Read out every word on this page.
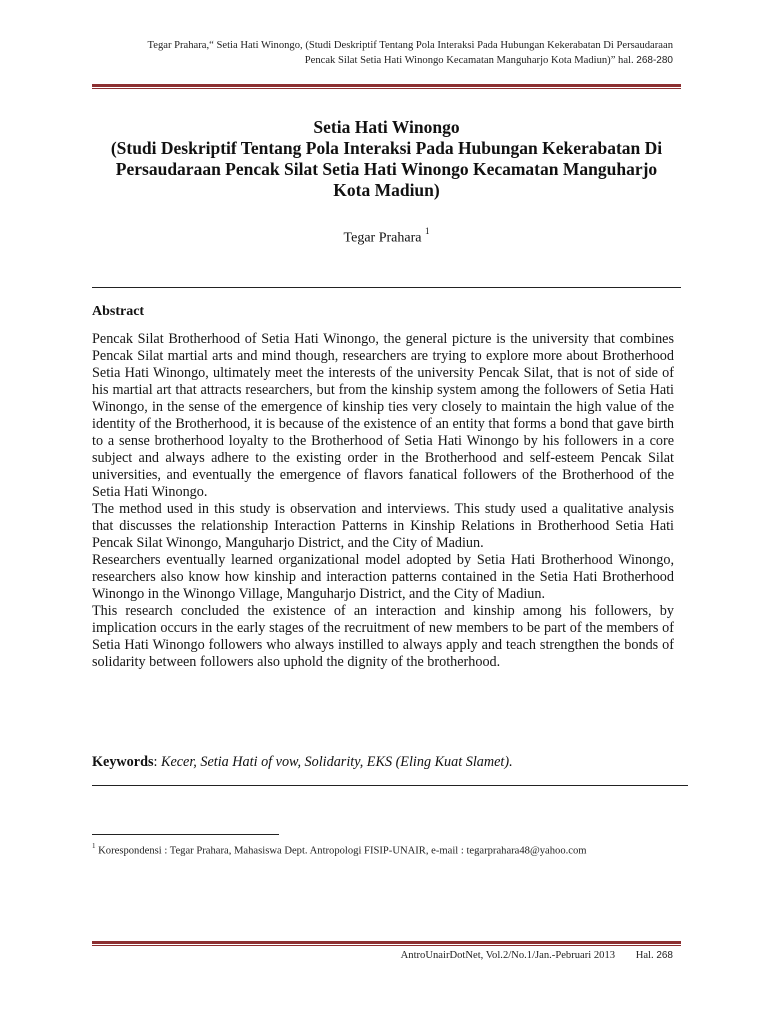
Tegar Prahara,“ Setia Hati Winongo, (Studi Deskriptif Tentang Pola Interaksi Pada Hubungan Kekerabatan Di Persaudaraan
Pencak Silat Setia Hati Winongo Kecamatan Manguharjo Kota Madiun)” hal. 268-280
Setia Hati Winongo
(Studi Deskriptif Tentang Pola Interaksi Pada Hubungan Kekerabatan Di
Persaudaraan Pencak Silat Setia Hati Winongo Kecamatan Manguharjo
Kota Madiun)
Tegar Prahara $^1$
Abstract

Pencak Silat Brotherhood of Setia Hati Winongo, the general picture is the university that combines Pencak Silat martial arts and mind though, researchers are trying to explore more about Brotherhood Setia Hati Winongo, ultimately meet the interests of the university Pencak Silat, that is not of side of his martial art that attracts researchers, but from the kinship system among the followers of Setia Hati Winongo, in the sense of the emergence of kinship ties very closely to maintain the high value of the identity of the Brotherhood, it is because of the existence of an entity that forms a bond that gave birth to a sense brotherhood loyalty to the Brotherhood of Setia Hati Winongo by his followers in a core subject and always adhere to the existing order in the Brotherhood and self-esteem Pencak Silat universities, and eventually the emergence of flavors fanatical followers of the Brotherhood of the Setia Hati Winongo.

The method used in this study is observation and interviews. This study used a qualitative analysis that discusses the relationship Interaction Patterns in Kinship Relations in Brotherhood Setia Hati Pencak Silat Winongo, Manguharjo District, and the City of Madiun.

Researchers eventually learned organizational model adopted by Setia Hati Brotherhood Winongo, researchers also know how kinship and interaction patterns contained in the Setia Hati Brotherhood Winongo in the Winongo Village, Manguharjo District, and the City of Madiun.

This research concluded the existence of an interaction and kinship among his followers, by implication occurs in the early stages of the recruitment of new members to be part of the members of Setia Hati Winongo followers who always instilled to always apply and teach strengthen the bonds of solidarity between followers also uphold the dignity of the brotherhood.

Keywords: Kecer, Setia Hati of vow, Solidarity, EKS (Eling Kuat Slamet).
$^1$ Korespondensi : Tegar Prahara, Mahasiswa Dept. Antropologi FISIP-UNAIR, e-mail : tegarprahara48@yahoo.com
AntroUnairDotNet, Vol.2/No.1/Jan.-Pebruari 2013 Hal. 268
